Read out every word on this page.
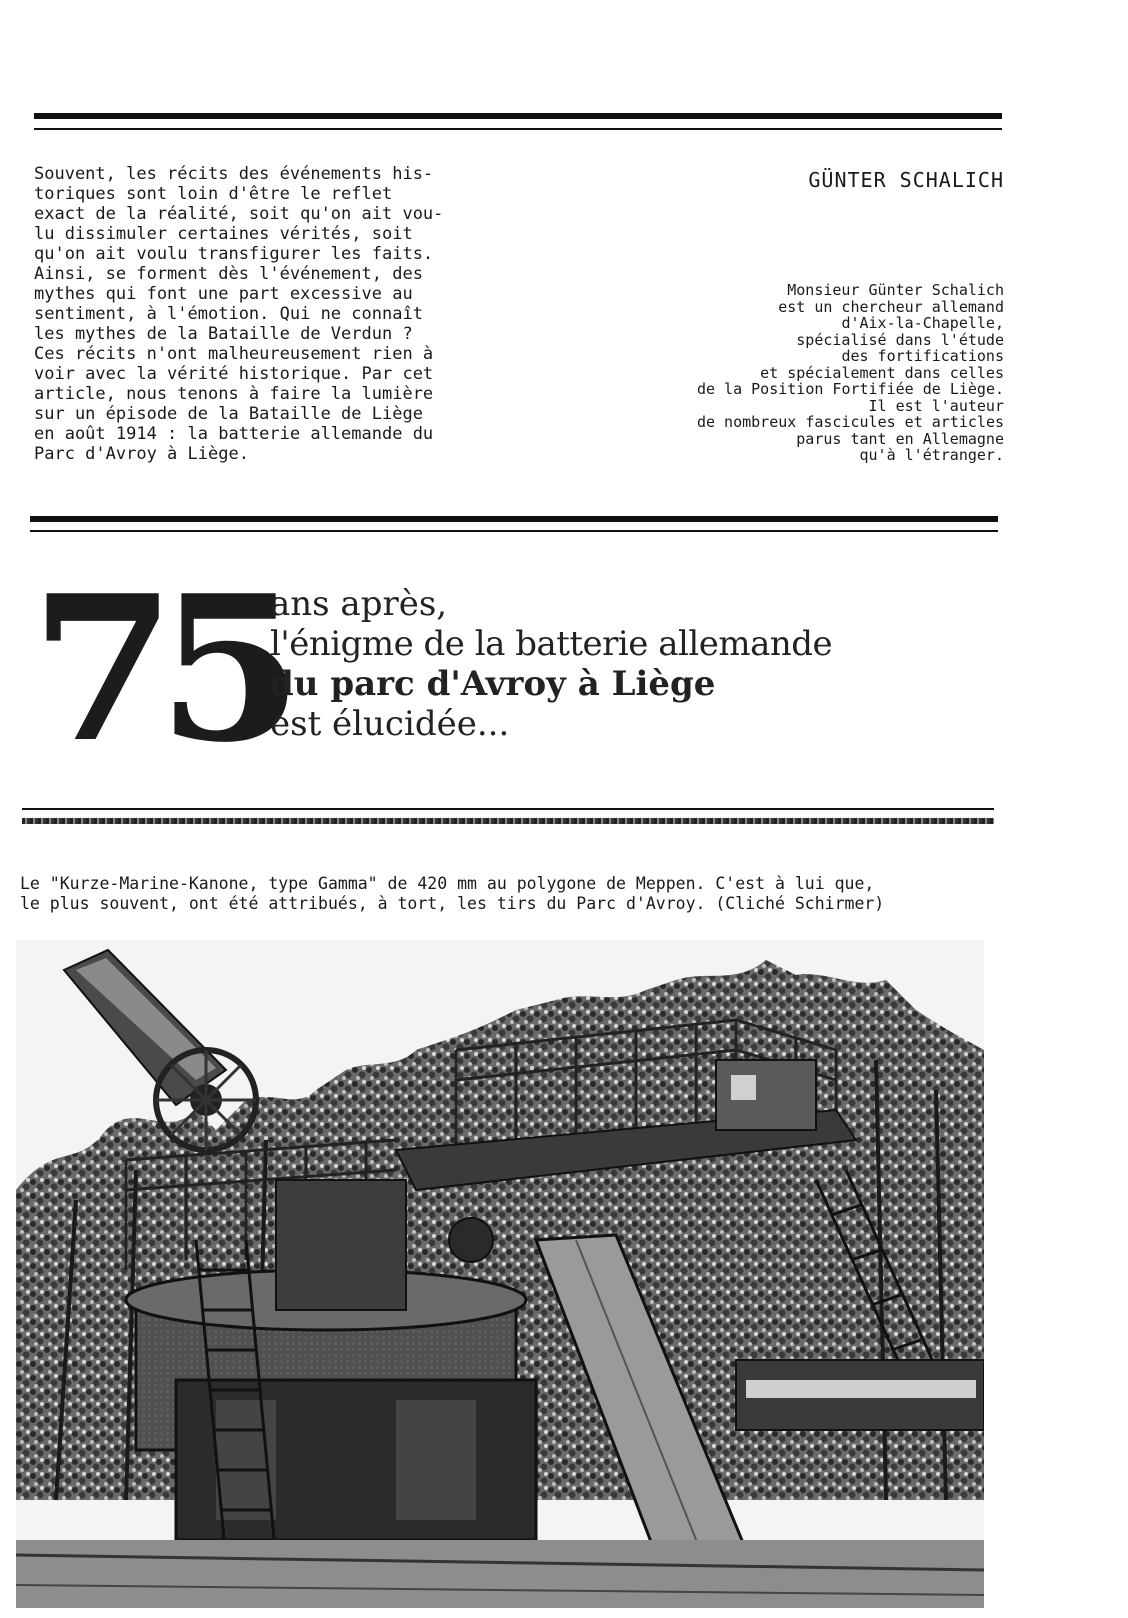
Souvent, les récits des événements his-
toriques sont loin d'être le reflet
exact de la réalité, soit qu'on ait vou-
lu dissimuler certaines vérités, soit
qu'on ait voulu transfigurer les faits.
Ainsi, se forment dès l'événement, des
mythes qui font une part excessive au
sentiment, à l'émotion. Qui ne connaît
les mythes de la Bataille de Verdun ?
Ces récits n'ont malheureusement rien à
voir avec la vérité historique. Par cet
article, nous tenons à faire la lumière
sur un épisode de la Bataille de Liège
en août 1914 : la batterie allemande du
Parc d'Avroy à Liège.
GÜNTER SCHALICH
Monsieur Günter Schalich
est un chercheur allemand
d'Aix-la-Chapelle,
spécialisé dans l'étude
des fortifications
et spécialement dans celles
de la Position Fortifiée de Liège.
Il est l'auteur
de nombreux fascicules et articles
parus tant en Allemagne
qu'à l'étranger.
75
ans après,
l'énigme de la batterie allemande
du parc d'Avroy à Liège
est élucidée...
Le "Kurze-Marine-Kanone, type Gamma" de 420 mm au polygone de Meppen. C'est à lui que,
le plus souvent, ont été attribués, à tort, les tirs du Parc d'Avroy. (Cliché Schirmer)
